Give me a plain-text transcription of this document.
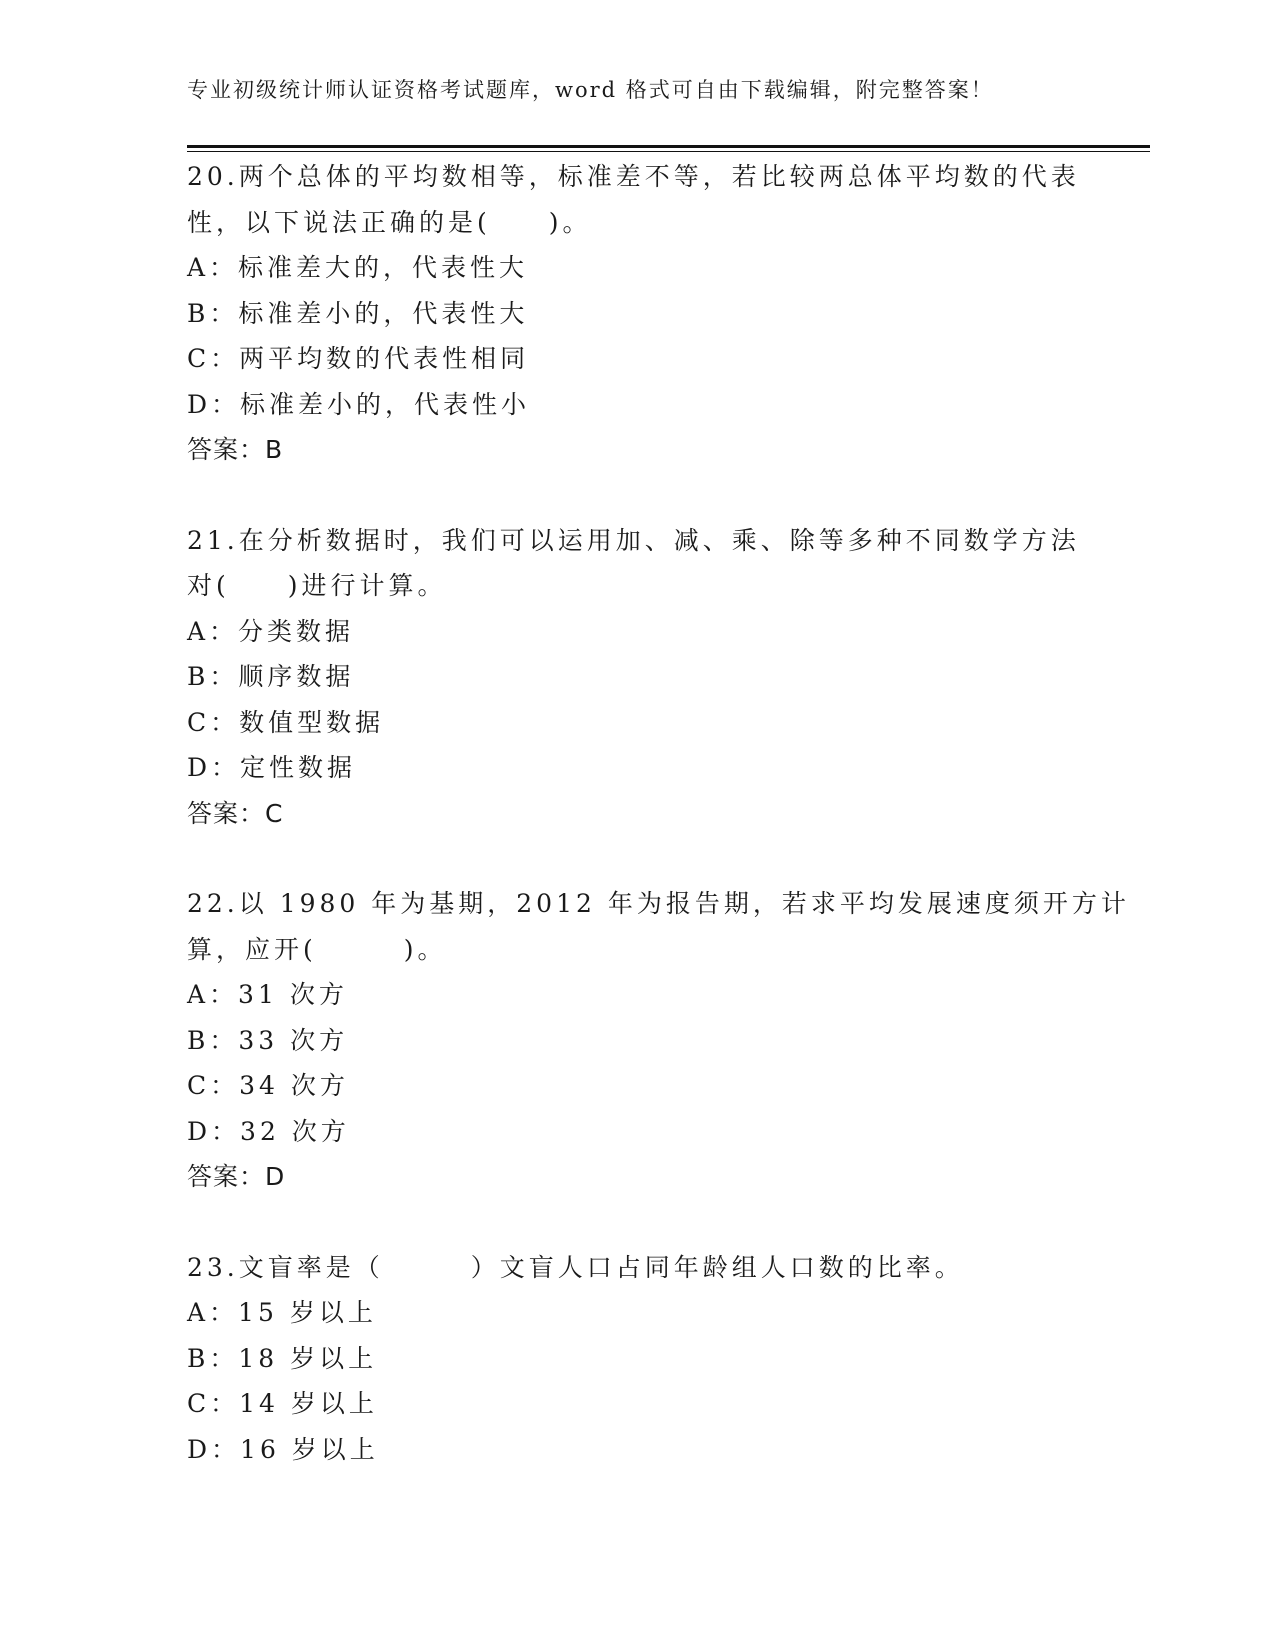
专业初级统计师认证资格考试题库，word 格式可自由下载编辑，附完整答案！
20.两个总体的平均数相等，标准差不等，若比较两总体平均数的代表
性，以下说法正确的是(　　)。
A：标准差大的，代表性大
B：标准差小的，代表性大
C：两平均数的代表性相同
D：标准差小的，代表性小
答案：B
21.在分析数据时，我们可以运用加、减、乘、除等多种不同数学方法
对(　　)进行计算。
A：分类数据
B：顺序数据
C：数值型数据
D：定性数据
答案：C
22.以 1980 年为基期，2012 年为报告期，若求平均发展速度须开方计
算，应开(　　　)。
A：31 次方
B：33 次方
C：34 次方
D：32 次方
答案：D
23.文盲率是（　　　）文盲人口占同年龄组人口数的比率。
A：15 岁以上
B：18 岁以上
C：14 岁以上
D：16 岁以上
